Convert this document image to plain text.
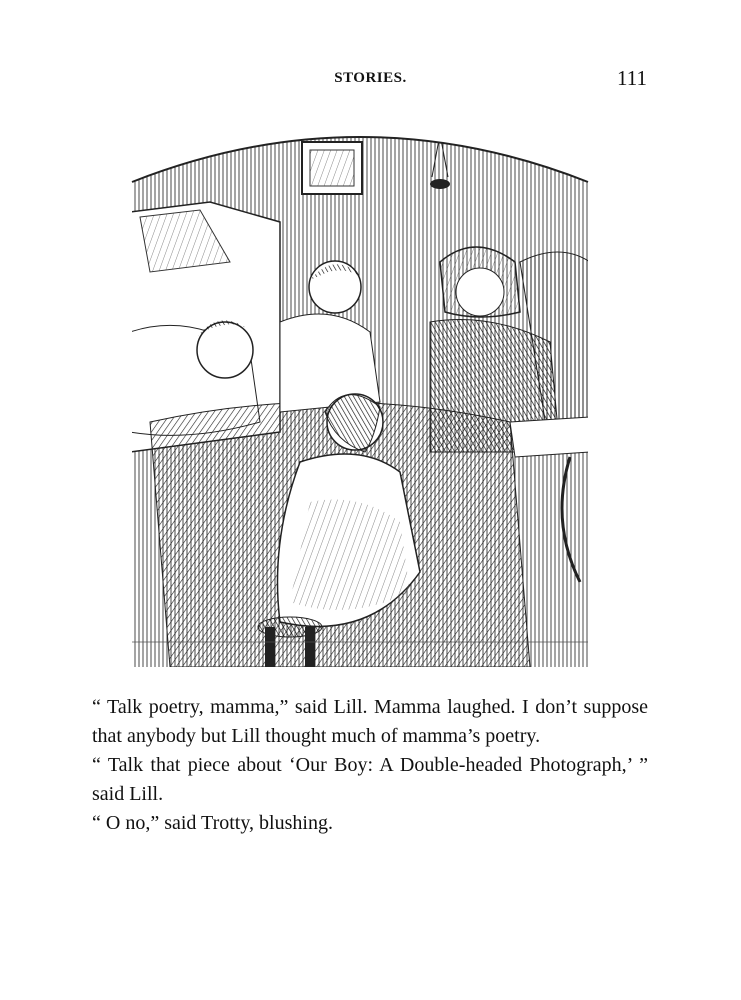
STORIES.	111

“ Talk poetry, mamma,” said Lill. Mamma laughed. I don’t suppose that anybody but Lill thought much of mamma’s poetry.

“ Talk that piece about ‘Our Boy: A Double-headed Photograph,’ ” said Lill.

“ O no,” said Trotty, blushing.
